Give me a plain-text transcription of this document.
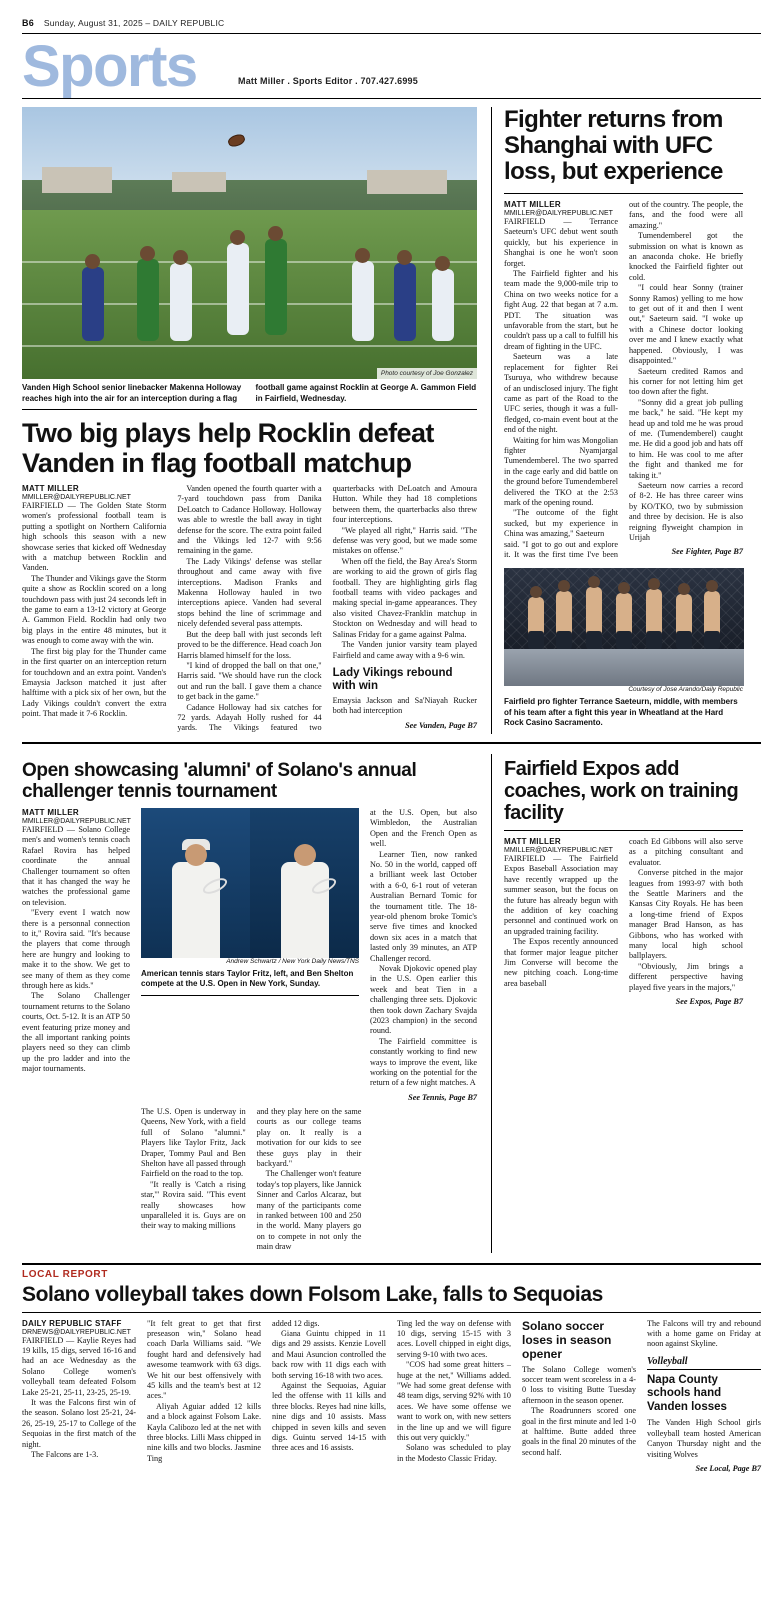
B6 Sunday, August 31, 2025 – DAILY REPUBLIC
Sports	Matt Miller . Sports Editor . 707.427.6995
Photo courtesy of Joe Gonzalez
Vanden High School senior linebacker Makenna Holloway reaches high into the air for an interception during a flag football game against Rocklin at George A. Gammon Field in Fairfield, Wednesday.
Two big plays help Rocklin defeat Vanden in flag football matchup
MATT MILLER
MMILLER@DAILYREPUBLIC.NET

FAIRFIELD — The Golden State Storm women's professional football team is putting a spotlight on Northern California high schools this season with a new showcase series that kicked off Wednesday with a matchup between Rocklin and Vanden.

The Thunder and Vikings gave the Storm quite a show as Rocklin scored on a long touchdown pass with just 24 seconds left in the game to earn a 13-12 victory at George A. Gammon Field. Rocklin had only two big plays in the entire 48 minutes, but it was enough to come away with the win.

The first big play for the Thunder came in the first quarter on an interception return for touchdown and an extra point. Vanden's Emaysia Jackson matched it just after halftime with a pick six of her own, but the Lady Vikings couldn't convert the extra point. That made it 7-6 Rocklin.

Vanden opened the fourth quarter with a 7-yard touchdown pass from Danika DeLoatch to Cadance Holloway. Holloway was able to wrestle the ball away in tight defense for the score. The extra point failed and the Vikings led 12-7 with 9:56 remaining in the game.

The Lady Vikings' defense was stellar throughout and came away with five interceptions. Madison Franks and Makenna Holloway hauled in two interceptions apiece. Vanden had several stops behind the line of scrimmage and nicely defended several pass attempts.

But the deep ball with just seconds left proved to be the difference. Head coach Jon Harris blamed himself for the loss.

"I kind of dropped the ball on that one," Harris said. "We should have run the clock out and run the ball. I gave them a chance to get back in the game."

Cadance Holloway had six catches for 72 yards. Adayah Holly rushed for 44 yards. The Vikings featured two quarterbacks with DeLoatch and Amoura Hutton. While they had 18 completions between them, the quarterbacks also threw four interceptions.

"We played all right," Harris said. "The defense was very good, but we made some mistakes on offense."

When off the field, the Bay Area's Storm are working to aid the grown of girls flag football. They are highlighting girls flag football teams with video packages and making special in-game appearances. They also visited Chavez-Franklin matchup in Stockton on Wednesday and will head to Salinas Friday for a game against Palma.

The Vanden junior varsity team played Fairfield and came away with a 9-6 win.

Lady Vikings rebound with win

Emaysia Jackson and Sa'Niayah Rucker both had interception

See Vanden, Page B7
Fighter returns from Shanghai with UFC loss, but experience
MATT MILLER
MMILLER@DAILYREPUBLIC.NET

FAIRFIELD — Terrance Saeteurn's UFC debut went south quickly, but his experience in Shanghai is one he won't soon forget.

The Fairfield fighter and his team made the 9,000-mile trip to China on two weeks notice for a fight Aug. 22 that began at 7 a.m. PDT. The situation was unfavorable from the start, but he couldn't pass up a call to fulfill his dream of fighting in the UFC.

Saeteurn was a late replacement for fighter Rei Tsuruya, who withdrew because of an undisclosed injury. The fight came as part of the Road to the UFC series, though it was a full-fledged, co-main event bout at the end of the night.

Waiting for him was Mongolian fighter Nyamjargal Tumendemberel. The two sparred in the cage early and did battle on the ground before Tumendemberel delivered the TKO at the 2:53 mark of the opening round.

"The outcome of the fight sucked, but my experience in China was amazing," Saeteurn

said. "I got to go out and explore it. It was the first time I've been out of the country. The people, the fans, and the food were all amazing."

Tumendemberel got the submission on what is known as an anaconda choke. He briefly knocked the Fairfield fighter out cold.

"I could hear Sonny (trainer Sonny Ramos) yelling to me how to get out of it and then I went out," Saeteurn said. "I woke up with a Chinese doctor looking over me and I knew exactly what happened. Obviously, I was disappointed."

Saeteurn credited Ramos and his corner for not letting him get too down after the fight.

"Sonny did a great job pulling me back," he said. "He kept my head up and told me he was proud of me. (Tumendemberel) caught me. He did a good job and hats off to him. He was cool to me after the fight and thanked me for taking it."

Saeteurn now carries a record of 8-2. He has three career wins by KO/TKO, two by submission and three by decision. He is also reigning flyweight champion in Urijah

See Fighter, Page B7
Courtesy of Jose Arando/Daily Republic
Fairfield pro fighter Terrance Saeteurn, middle, with members of his team after a fight this year in Wheatland at the Hard Rock Casino Sacramento.
Open showcasing 'alumni' of Solano's annual challenger tennis tournament
MATT MILLER
MMILLER@DAILYREPUBLIC.NET

FAIRFIELD — Solano College men's and women's tennis coach Rafael Rovira has helped coordinate the annual Challenger tournament so often that it has changed the way he watches the professional game on television.

"Every event I watch now there is a personnal connection to it," Rovira said. "It's because the players that come through here are hungry and looking to make it to the show. We get to see many of them as they come through here as kids."

The Solano Challenger tournament returns to the Solano courts, Oct. 5-12. It is an ATP 50 event featuring prize money and the all important ranking points players need so they can climb up the pro ladder and into the major tournaments.

Andrew Schwartz / New York Daily News/TNS
American tennis stars Taylor Fritz, left, and Ben Shelton compete at the U.S. Open in New York, Sunday.

at the U.S. Open, but also Wimbledon, the Australian Open and the French Open as well.

Learner Tien, now ranked No. 50 in the world, capped off a brilliant week last October with a 6-0, 6-1 rout of veteran Australian Bernard Tomic for the tournament title. The 18-year-old phenom broke Tomic's serve five times and knocked down six aces in a match that lasted only 39 minutes, an ATP Challenger record.

Novak Djokovic opened play in the U.S. Open earlier this week and beat Tien in a challenging three sets. Djokovic then took down Zachary Svajda (2023 champion) in the second round.

The Fairfield committee is constantly working to find new ways to improve the event, like working on the potential for the return of a few night matches. A

See Tennis, Page B7

The U.S. Open is underway in Queens, New York, with a field full of Solano "alumni." Players like Taylor Fritz, Jack Draper, Tommy Paul and Ben Shelton have all passed through Fairfield on the road to the top.

"It really is 'Catch a rising star,'" Rovira said. "This event really showcases how unparalleled it is. Guys are on their way to making millions

and they play here on the same courts as our college teams play on. It really is a motivation for our kids to see these guys play in their backyard."

The Challenger won't feature today's top players, like Jannick Sinner and Carlos Alcaraz, but many of the participants come in ranked between 100 and 250 in the world. Many players go on to compete in not only the main draw

Fairfield Expos add coaches, work on training facility
MATT MILLER
MMILLER@DAILYREPUBLIC.NET

FAIRFIELD — The Fairfield Expos Baseball Association may have recently wrapped up the summer season, but the focus on the future has already begun with the addition of key coaching personnel and continued work on an upgraded training facility.

The Expos recently announced that former major league pitcher Jim Converse will become the new pitching coach. Long-time area baseball

coach Ed Gibbons will also serve as a pitching consultant and evaluator.

Converse pitched in the major leagues from 1993-97 with both the Seattle Mariners and the Kansas City Royals. He has been a long-time friend of Expos manager Brad Hanson, as has Gibbons, who has worked with many local high school ballplayers.

"Obviously, Jim brings a different perspective having played five years in the majors,"

See Expos, Page B7
LOCAL REPORT
Solano volleyball takes down Folsom Lake, falls to Sequoias
DAILY REPUBLIC STAFF
DRNEWS@DAILYREPUBLIC.NET

FAIRFIELD — Kaylie Reyes had 19 kills, 15 digs, served 16-16 and had an ace Wednesday as the Solano College women's volleyball team defeated Folsom Lake 25-21, 25-11, 23-25, 25-19.

It was the Falcons first win of the season. Solano lost 25-21, 24-26, 25-19, 25-17 to College of the Sequoias in the first match of the night.

The Falcons are 1-3.

"It felt great to get that first preseason win," Solano head coach Darla Williams said. "We fought hard and defensively had awesome teamwork with 63 digs. We hit our best offensively with 45 kills and the team's best at 12 aces."

Aliyah Aguiar added 12 kills and a block against Folsom Lake. Kayla Calibozo led at the net with three blocks. Lilli Mass chipped in nine kills and two blocks. Jasmine Ting

added 12 digs.

Giana Guintu chipped in 11 digs and 29 assists. Kenzie Lovell and Maui Asuncion controlled the back row with 11 digs each with both serving 16-18 with two aces.

Against the Sequoias, Aguiar led the offense with 11 kills and three blocks. Reyes had nine kills, nine digs and 10 assists. Mass chipped in seven kills and seven digs. Guintu served 14-15 with three aces and 16 assists.

Ting led the way on defense with 10 digs, serving 15-15 with 3 aces. Lovell chipped in eight digs, serving 9-10 with two aces.

"COS had some great hitters – huge at the net," Williams added. "We had some great defense with 48 team digs, serving 92% with 10 aces. We have some offense we want to work on, with new setters in the line up and we will figure this out very quickly."

Solano was scheduled to play in the Modesto Classic Friday.

Solano soccer loses in season opener

The Solano College women's soccer team went scoreless in a 4-0 loss to visiting Butte Tuesday afternoon in the season opener.

The Roadrunners scored one goal in the first minute and led 1-0 at halftime. Butte added three goals in the final 20 minutes of the second half.

The Falcons will try and rebound with a home game on Friday at noon against Skyline.

Volleyball
Napa County schools hand Vanden losses

The Vanden High School girls volleyball team hosted American Canyon Thursday night and the visiting Wolves

See Local, Page B7
